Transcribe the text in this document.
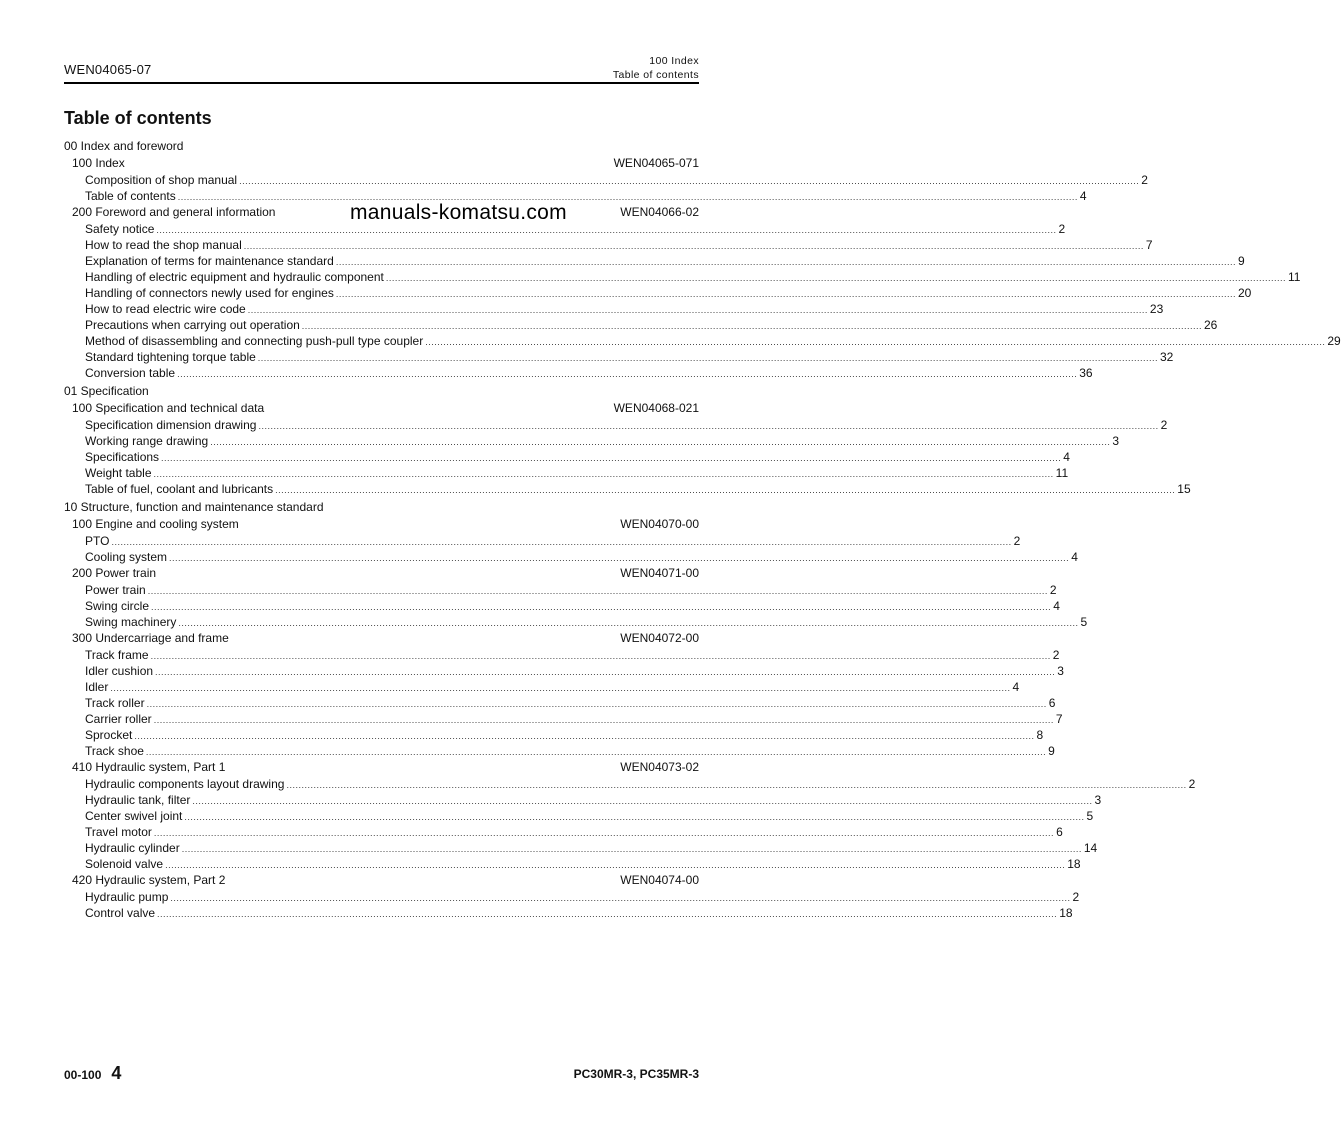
WEN04065-07
100 Index
Table of contents
Table of contents
00 Index and foreword
100 Index	WEN04065-071
Composition of shop manual ............................................................................................................................................................................................................................................................................................................ 2
Table of contents ............................................................................................................................................................................................................................................................................................................ 4
200 Foreword and general information	WEN04066-02
Safety notice ............................................................................................................................................................................................................................................................................................................ 2
How to read the shop manual ............................................................................................................................................................................................................................................................................................................ 7
Explanation of terms for maintenance standard ............................................................................................................................................................................................................................................................................................................ 9
Handling of electric equipment and hydraulic component ............................................................................................................................................................................................................................................................................................................ 11
Handling of connectors newly used for engines ............................................................................................................................................................................................................................................................................................................ 20
How to read electric wire code ............................................................................................................................................................................................................................................................................................................ 23
Precautions when carrying out operation ............................................................................................................................................................................................................................................................................................................ 26
Method of disassembling and connecting push-pull type coupler ............................................................................................................................................................................................................................................................................................................ 29
Standard tightening torque table ............................................................................................................................................................................................................................................................................................................ 32
Conversion table ............................................................................................................................................................................................................................................................................................................ 36
01 Specification
100 Specification and technical data	WEN04068-021
Specification dimension drawing ............................................................................................................................................................................................................................................................................................................ 2
Working range drawing ............................................................................................................................................................................................................................................................................................................ 3
Specifications ............................................................................................................................................................................................................................................................................................................ 4
Weight table ............................................................................................................................................................................................................................................................................................................ 11
Table of fuel, coolant and lubricants ............................................................................................................................................................................................................................................................................................................ 15
10 Structure, function and maintenance standard
100 Engine and cooling system	WEN04070-00
PTO ............................................................................................................................................................................................................................................................................................................ 2
Cooling system ............................................................................................................................................................................................................................................................................................................ 4
200 Power train	WEN04071-00
Power train ............................................................................................................................................................................................................................................................................................................ 2
Swing circle ............................................................................................................................................................................................................................................................................................................ 4
Swing machinery ............................................................................................................................................................................................................................................................................................................ 5
300 Undercarriage and frame	WEN04072-00
Track frame ............................................................................................................................................................................................................................................................................................................ 2
Idler cushion ............................................................................................................................................................................................................................................................................................................ 3
Idler ............................................................................................................................................................................................................................................................................................................ 4
Track roller ............................................................................................................................................................................................................................................................................................................ 6
Carrier roller ............................................................................................................................................................................................................................................................................................................ 7
Sprocket ............................................................................................................................................................................................................................................................................................................ 8
Track shoe ............................................................................................................................................................................................................................................................................................................ 9
410 Hydraulic system, Part 1	WEN04073-02
Hydraulic components layout drawing ............................................................................................................................................................................................................................................................................................................ 2
Hydraulic tank, filter ............................................................................................................................................................................................................................................................................................................ 3
Center swivel joint ............................................................................................................................................................................................................................................................................................................ 5
Travel motor ............................................................................................................................................................................................................................................................................................................ 6
Hydraulic cylinder ............................................................................................................................................................................................................................................................................................................ 14
Solenoid valve ............................................................................................................................................................................................................................................................................................................ 18
420 Hydraulic system, Part 2	WEN04074-00
Hydraulic pump ............................................................................................................................................................................................................................................................................................................ 2
Control valve ............................................................................................................................................................................................................................................................................................................ 18
manuals-komatsu.com
00-100 4	PC30MR-3, PC35MR-3
